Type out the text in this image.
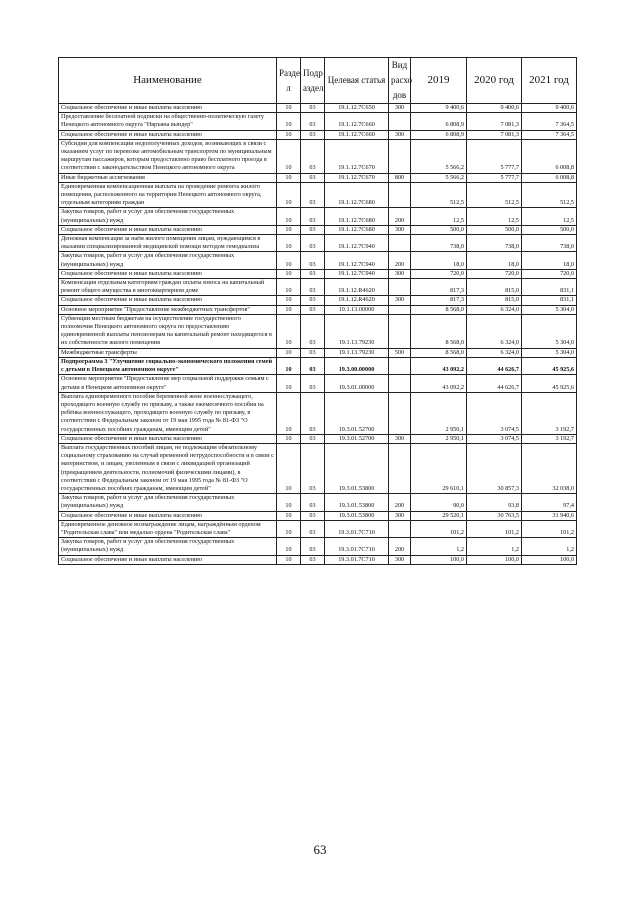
Наименование	Разде л	Подр аздел	Целевая статья	Вид расхо дов	2019	2020 год	2021 год
Социальное обеспечение и иные выплаты населению	10	03	19.1.12.7С650	300	9 400,6	9 400,6	9 400,6
Предоставление бесплатной подписки на общественно-политическую газету Ненецкого автономного округа "Няръяна вындер"	10	03	19.1.12.7С660		6 808,9	7 081,3	7 364,5
Социальное обеспечение и иные выплаты населению	10	03	19.1.12.7С660	300	6 808,9	7 081,3	7 364,5
Субсидии для компенсации недополученных доходов, возникающих в связи с оказанием услуг по перевозке автомобильным транспортом по муниципальным маршрутам пассажиров, которым предоставлено право бесплатного проезда в соответствии с законодательством Ненецкого автономного округа	10	03	19.1.12.7С670		5 566,2	5 777,7	6 008,8
Иные бюджетные ассигнования	10	03	19.1.12.7С670	800	5 566,2	5 777,7	6 008,8
Единовременная компенсационная выплата на проведение ремонта жилого помещения, расположенного на территории Ненецкого автономного округа, отдельным категориям граждан	10	03	19.1.12.7С680		512,5	512,5	512,5
Закупка товаров, работ и услуг для обеспечения государственных (муниципальных) нужд	10	03	19.1.12.7С680	200	12,5	12,5	12,5
Социальное обеспечение и иные выплаты населению	10	03	19.1.12.7С680	300	500,0	500,0	500,0
Денежная компенсация за наём жилого помещения лицам, нуждающимся в оказании специализированной медицинской помощи методом гемодиализа	10	03	19.1.12.7С940		738,0	738,0	738,0
Закупка товаров, работ и услуг для обеспечения государственных (муниципальных) нужд	10	03	19.1.12.7С940	200	18,0	18,0	18,0
Социальное обеспечение и иные выплаты населению	10	03	19.1.12.7С940	300	720,0	720,0	720,0
Компенсация отдельным категориям граждан оплаты взноса на капитальный ремонт общего имущества в многоквартирном доме	10	03	19.1.12.R4620		817,3	815,0	831,1
Социальное обеспечение и иные выплаты населению	10	03	19.1.12.R4620	300	817,3	815,0	831,1
Основное мероприятие "Предоставление межбюджетных трансфертов"	10	03	19.1.13.00000		8 568,0	6 324,0	5 304,0
Субвенции местным бюджетам на осуществление государственного полномочия Ненецкого автономного округа по предоставлению единовременной выплаты пенсионерам на капитальный ремонт находящегося в их собственности жилого помещения	10	03	19.1.13.79230		8 568,0	6 324,0	5 304,0
Межбюджетные трансферты	10	03	19.1.13.79230	500	8 568,0	6 324,0	5 304,0
Подпрограмма 3 "Улучшение социально-экономического положения семей с детьми в Ненецком автономном округе"	10	03	19.3.00.00000		43 092,2	44 626,7	45 925,6
Основное мероприятие "Предоставление мер социальной поддержки семьям с детьми в Ненецком автономном округе"	10	03	19.3.01.00000		43 092,2	44 626,7	45 925,6
Выплата единовременного пособия беременной жене военнослужащего, проходящего военную службу по призыву, а также ежемесячного пособия на ребёнка военнослужащего, проходящего военную службу по призыву, в соответствии с Федеральным законом от 19 мая 1995 года № 81-ФЗ "О государственных пособиях гражданам, имеющим детей"	10	03	19.3.01.52700		2 950,1	3 074,5	3 192,7
Социальное обеспечение и иные выплаты населению	10	03	19.3.01.52700	300	2 950,1	3 074,5	3 192,7
Выплата государственных пособий лицам, не подлежащим обязательному социальному страхованию на случай временной нетрудоспособности и в связи с материнством, и лицам, уволенным в связи с ликвидацией организаций (прекращением деятельности, полномочий физическими лицами), в соответствии с Федеральным законом от 19 мая 1995 года № 81-ФЗ "О государственных пособиях гражданам, имеющим детей"	10	03	19.3.01.53800		29 610,1	30 857,3	32 038,0
Закупка товаров, работ и услуг для обеспечения государственных (муниципальных) нужд	10	03	19.3.01.53800	200	90,0	93,8	97,4
Социальное обеспечение и иные выплаты населению	10	03	19.3.01.53800	300	29 520,1	30 763,5	31 940,6
Единовременное денежное вознаграждение лицам, награждённым орденом "Родительская слава" или медалью ордена "Родительская слава"	10	03	19.3.01.7С710		101,2	101,2	101,2
Закупка товаров, работ и услуг для обеспечения государственных (муниципальных) нужд	10	03	19.3.01.7С710	200	1,2	1,2	1,2
Социальное обеспечение и иные выплаты населению	10	03	19.3.01.7С710	300	100,0	100,0	100,0
63
